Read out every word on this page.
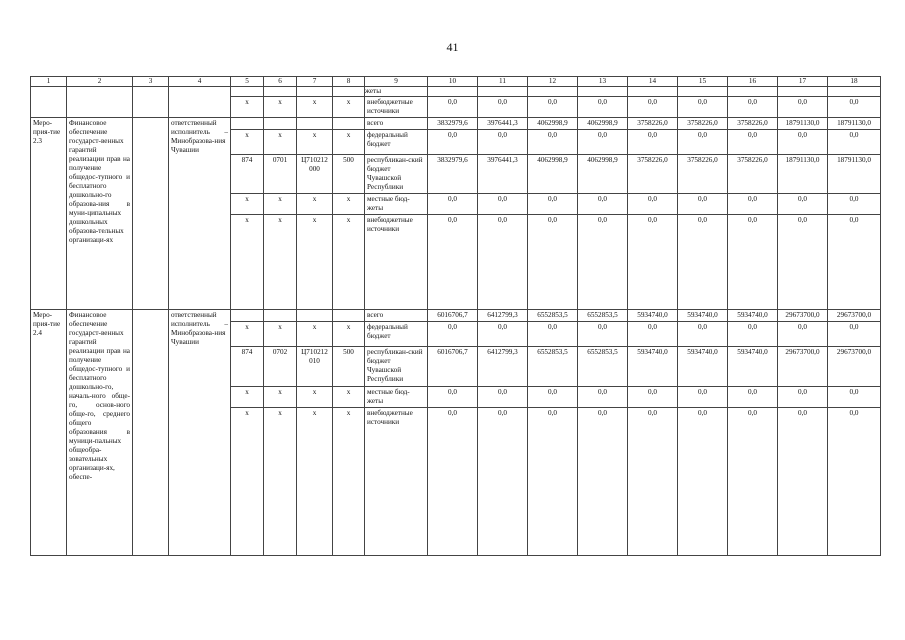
41
1	2	3	4	5	6	7	8	9	10	11	12	13	14	15	16	17	18
								жеты									
				x	x	x	x	внебюджетные источники	0,0	0,0	0,0	0,0	0,0	0,0	0,0	0,0	0,0
Меро-прия-тие 2.3	Финансовое обеспечение государст-венных гарантий реализации прав на получение общедос-тупного и бесплатного дошкольно-го образова-ния в муни-ципальных дошкольных образова-тельных организаци-ях		ответственный исполнитель – Минобразова-ния Чувашии					всего	3832979,6	3976441,3	4062998,9	4062998,9	3758226,0	3758226,0	3758226,0	18791130,0	18791130,0
				x	x	x	x	федеральный бюджет	0,0	0,0	0,0	0,0	0,0	0,0	0,0	0,0	0,0
				874	0701	Ц710212 000	500	республикан-ский бюджет Чувашской Республики	3832979,6	3976441,3	4062998,9	4062998,9	3758226,0	3758226,0	3758226,0	18791130,0	18791130,0
				x	x	x	x	местные бюд-жеты	0,0	0,0	0,0	0,0	0,0	0,0	0,0	0,0	0,0
				x	x	x	x	внебюджетные источники	0,0	0,0	0,0	0,0	0,0	0,0	0,0	0,0	0,0
Меро-прия-тие 2.4	Финансовое обеспечение государст-венных гарантий реализации прав на получение общедос-тупного и бесплатного дошкольно-го, началь-ного обще-го, основ-ного обще-го, среднего общего образования в муници-пальных общеобра-зовательных организаци-ях, обеспе-		ответственный исполнитель – Минобразова-ния Чувашии					всего	6016706,7	6412799,3	6552853,5	6552853,5	5934740,0	5934740,0	5934740,0	29673700,0	29673700,0
				x	x	x	x	федеральный бюджет	0,0	0,0	0,0	0,0	0,0	0,0	0,0	0,0	0,0
				874	0702	Ц710212 010	500	республикан-ский бюджет Чувашской Республики	6016706,7	6412799,3	6552853,5	6552853,5	5934740,0	5934740,0	5934740,0	29673700,0	29673700,0
				x	x	x	x	местные бюд-жеты	0,0	0,0	0,0	0,0	0,0	0,0	0,0	0,0	0,0
				x	x	x	x	внебюджетные источники	0,0	0,0	0,0	0,0	0,0	0,0	0,0	0,0	0,0
